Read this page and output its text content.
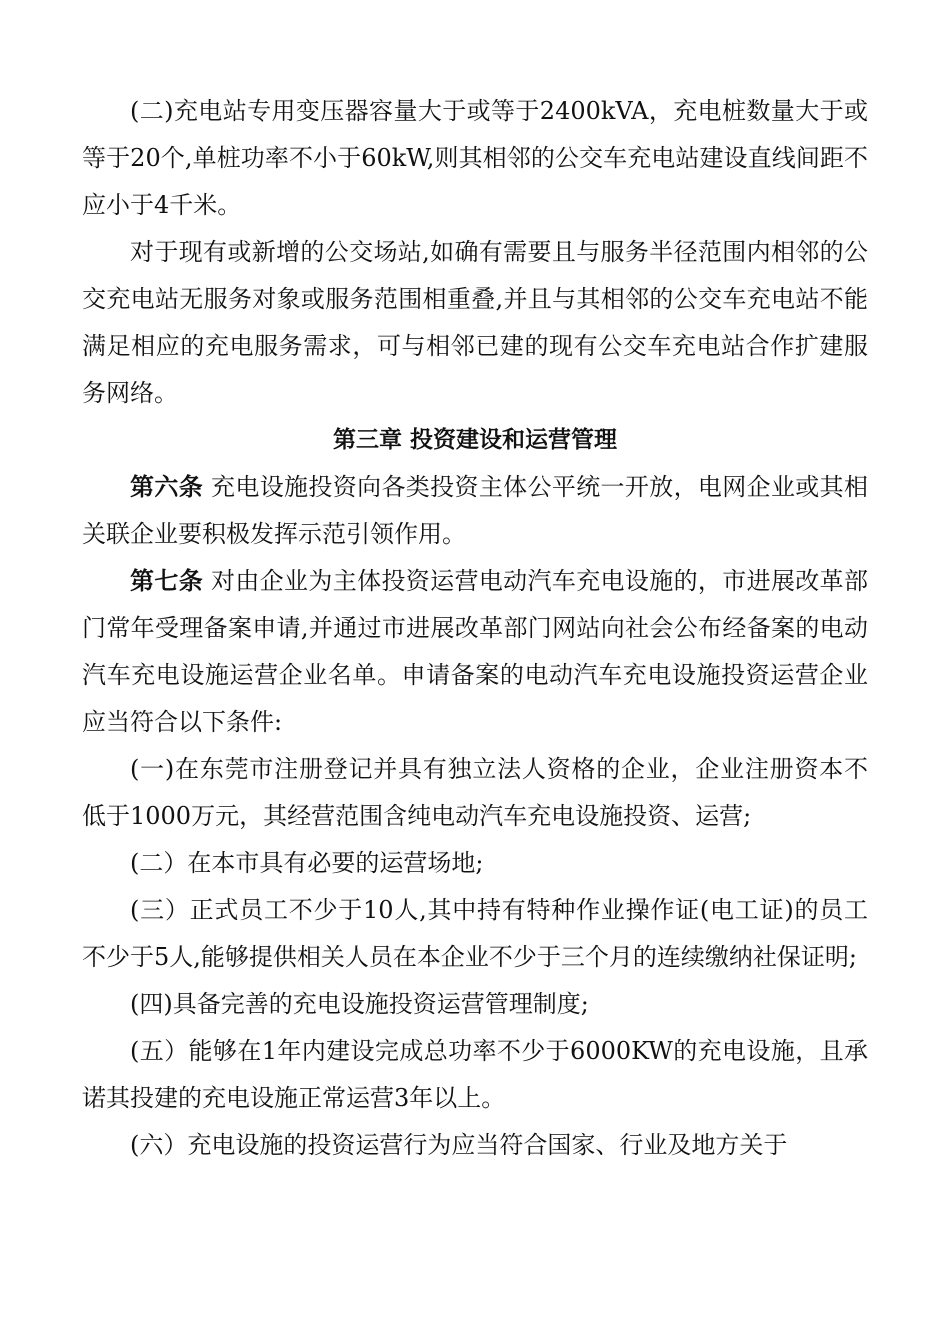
(二)充电站专用变压器容量大于或等于2400kVA，充电桩数量大于或等于20个,单桩功率不小于60kW,则其相邻的公交车充电站建设直线间距不应小于4千米。

对于现有或新增的公交场站,如确有需要且与服务半径范围内相邻的公交充电站无服务对象或服务范围相重叠,并且与其相邻的公交车充电站不能满足相应的充电服务需求，可与相邻已建的现有公交车充电站合作扩建服务网络。

第三章 投资建设和运营管理

第六条 充电设施投资向各类投资主体公平统一开放，电网企业或其相关联企业要积极发挥示范引领作用。

第七条 对由企业为主体投资运营电动汽车充电设施的，市进展改革部门常年受理备案申请,并通过市进展改革部门网站向社会公布经备案的电动汽车充电设施运营企业名单。申请备案的电动汽车充电设施投资运营企业应当符合以下条件:

(一)在东莞市注册登记并具有独立法人资格的企业，企业注册资本不低于1000万元，其经营范围含纯电动汽车充电设施投资、运营;

(二）在本市具有必要的运营场地;

(三）正式员工不少于10人,其中持有特种作业操作证(电工证)的员工不少于5人,能够提供相关人员在本企业不少于三个月的连续缴纳社保证明;

(四)具备完善的充电设施投资运营管理制度;

(五）能够在1年内建设完成总功率不少于6000KW的充电设施，且承诺其投建的充电设施正常运营3年以上。

(六）充电设施的投资运营行为应当符合国家、行业及地方关于
